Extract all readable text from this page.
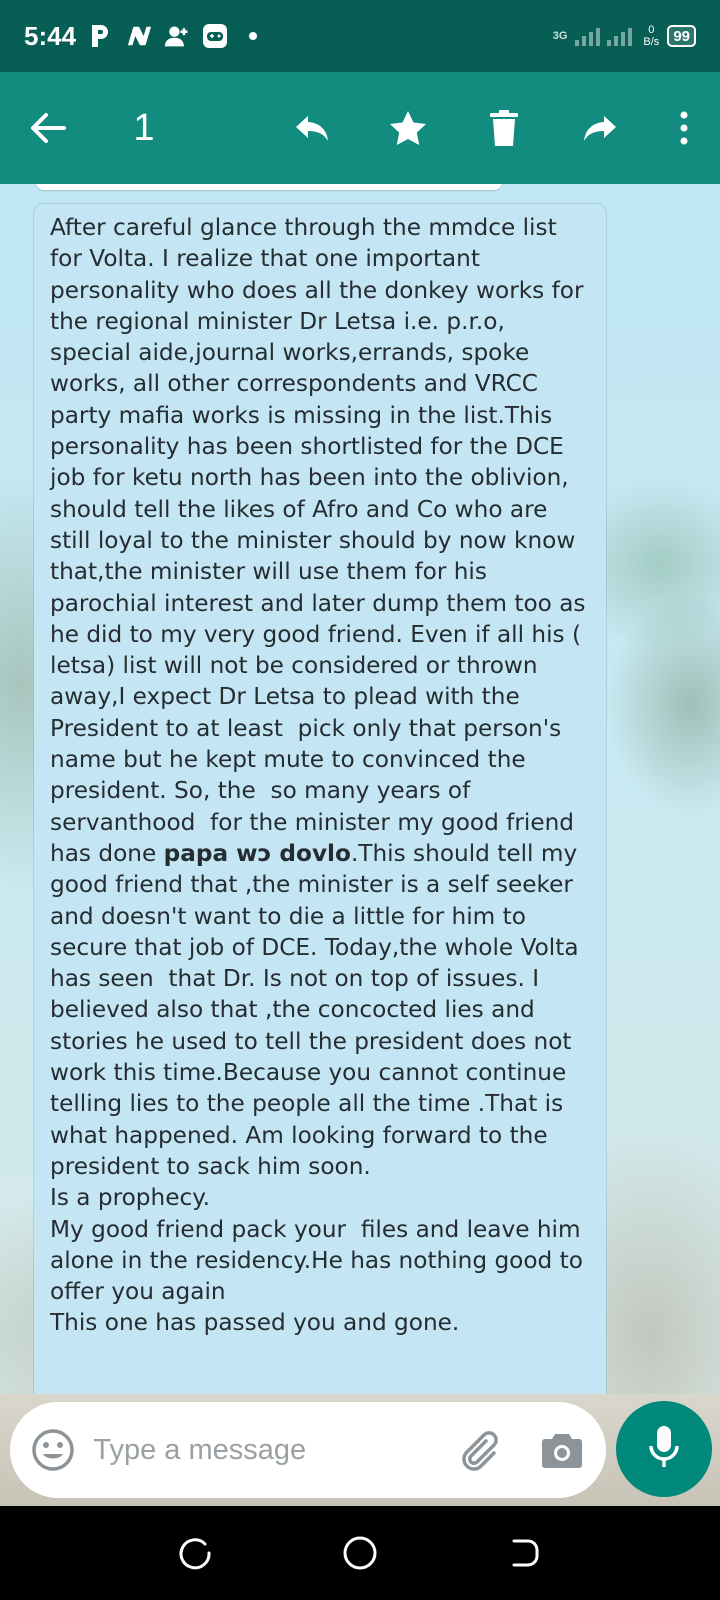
5:44	3G	0
B/s 99
1
After careful glance through the mmdce list for Volta. I realize that one important personality who does all the donkey works for the regional minister Dr Letsa i.e. p.r.o, special aide,journal works,errands, spoke works, all other correspondents and VRCC party mafia works is missing in the list.This personality has been shortlisted for the DCE job for ketu north has been into the oblivion, should tell the likes of Afro and Co who are still loyal to the minister should by now know that,the minister will use them for his parochial interest and later dump them too as he did to my very good friend. Even if all his ( letsa) list will not be considered or thrown away,I expect Dr Letsa to plead with the President to at least  pick only that person's name but he kept mute to convinced the president. So, the  so many years of servanthood  for the minister my good friend has done papa wɔ dovlo.This should tell my good friend that ,the minister is a self seeker and doesn't want to die a little for him to secure that job of DCE. Today,the whole Volta has seen  that Dr. Is not on top of issues. I believed also that ,the concocted lies and stories he used to tell the president does not work this time.Because you cannot continue telling lies to the people all the time .That is what happened. Am looking forward to the president to sack him soon.
Is a prophecy.
My good friend pack your  files and leave him alone in the residency.He has nothing good to offer you again
This one has passed you and gone.
Type a message
